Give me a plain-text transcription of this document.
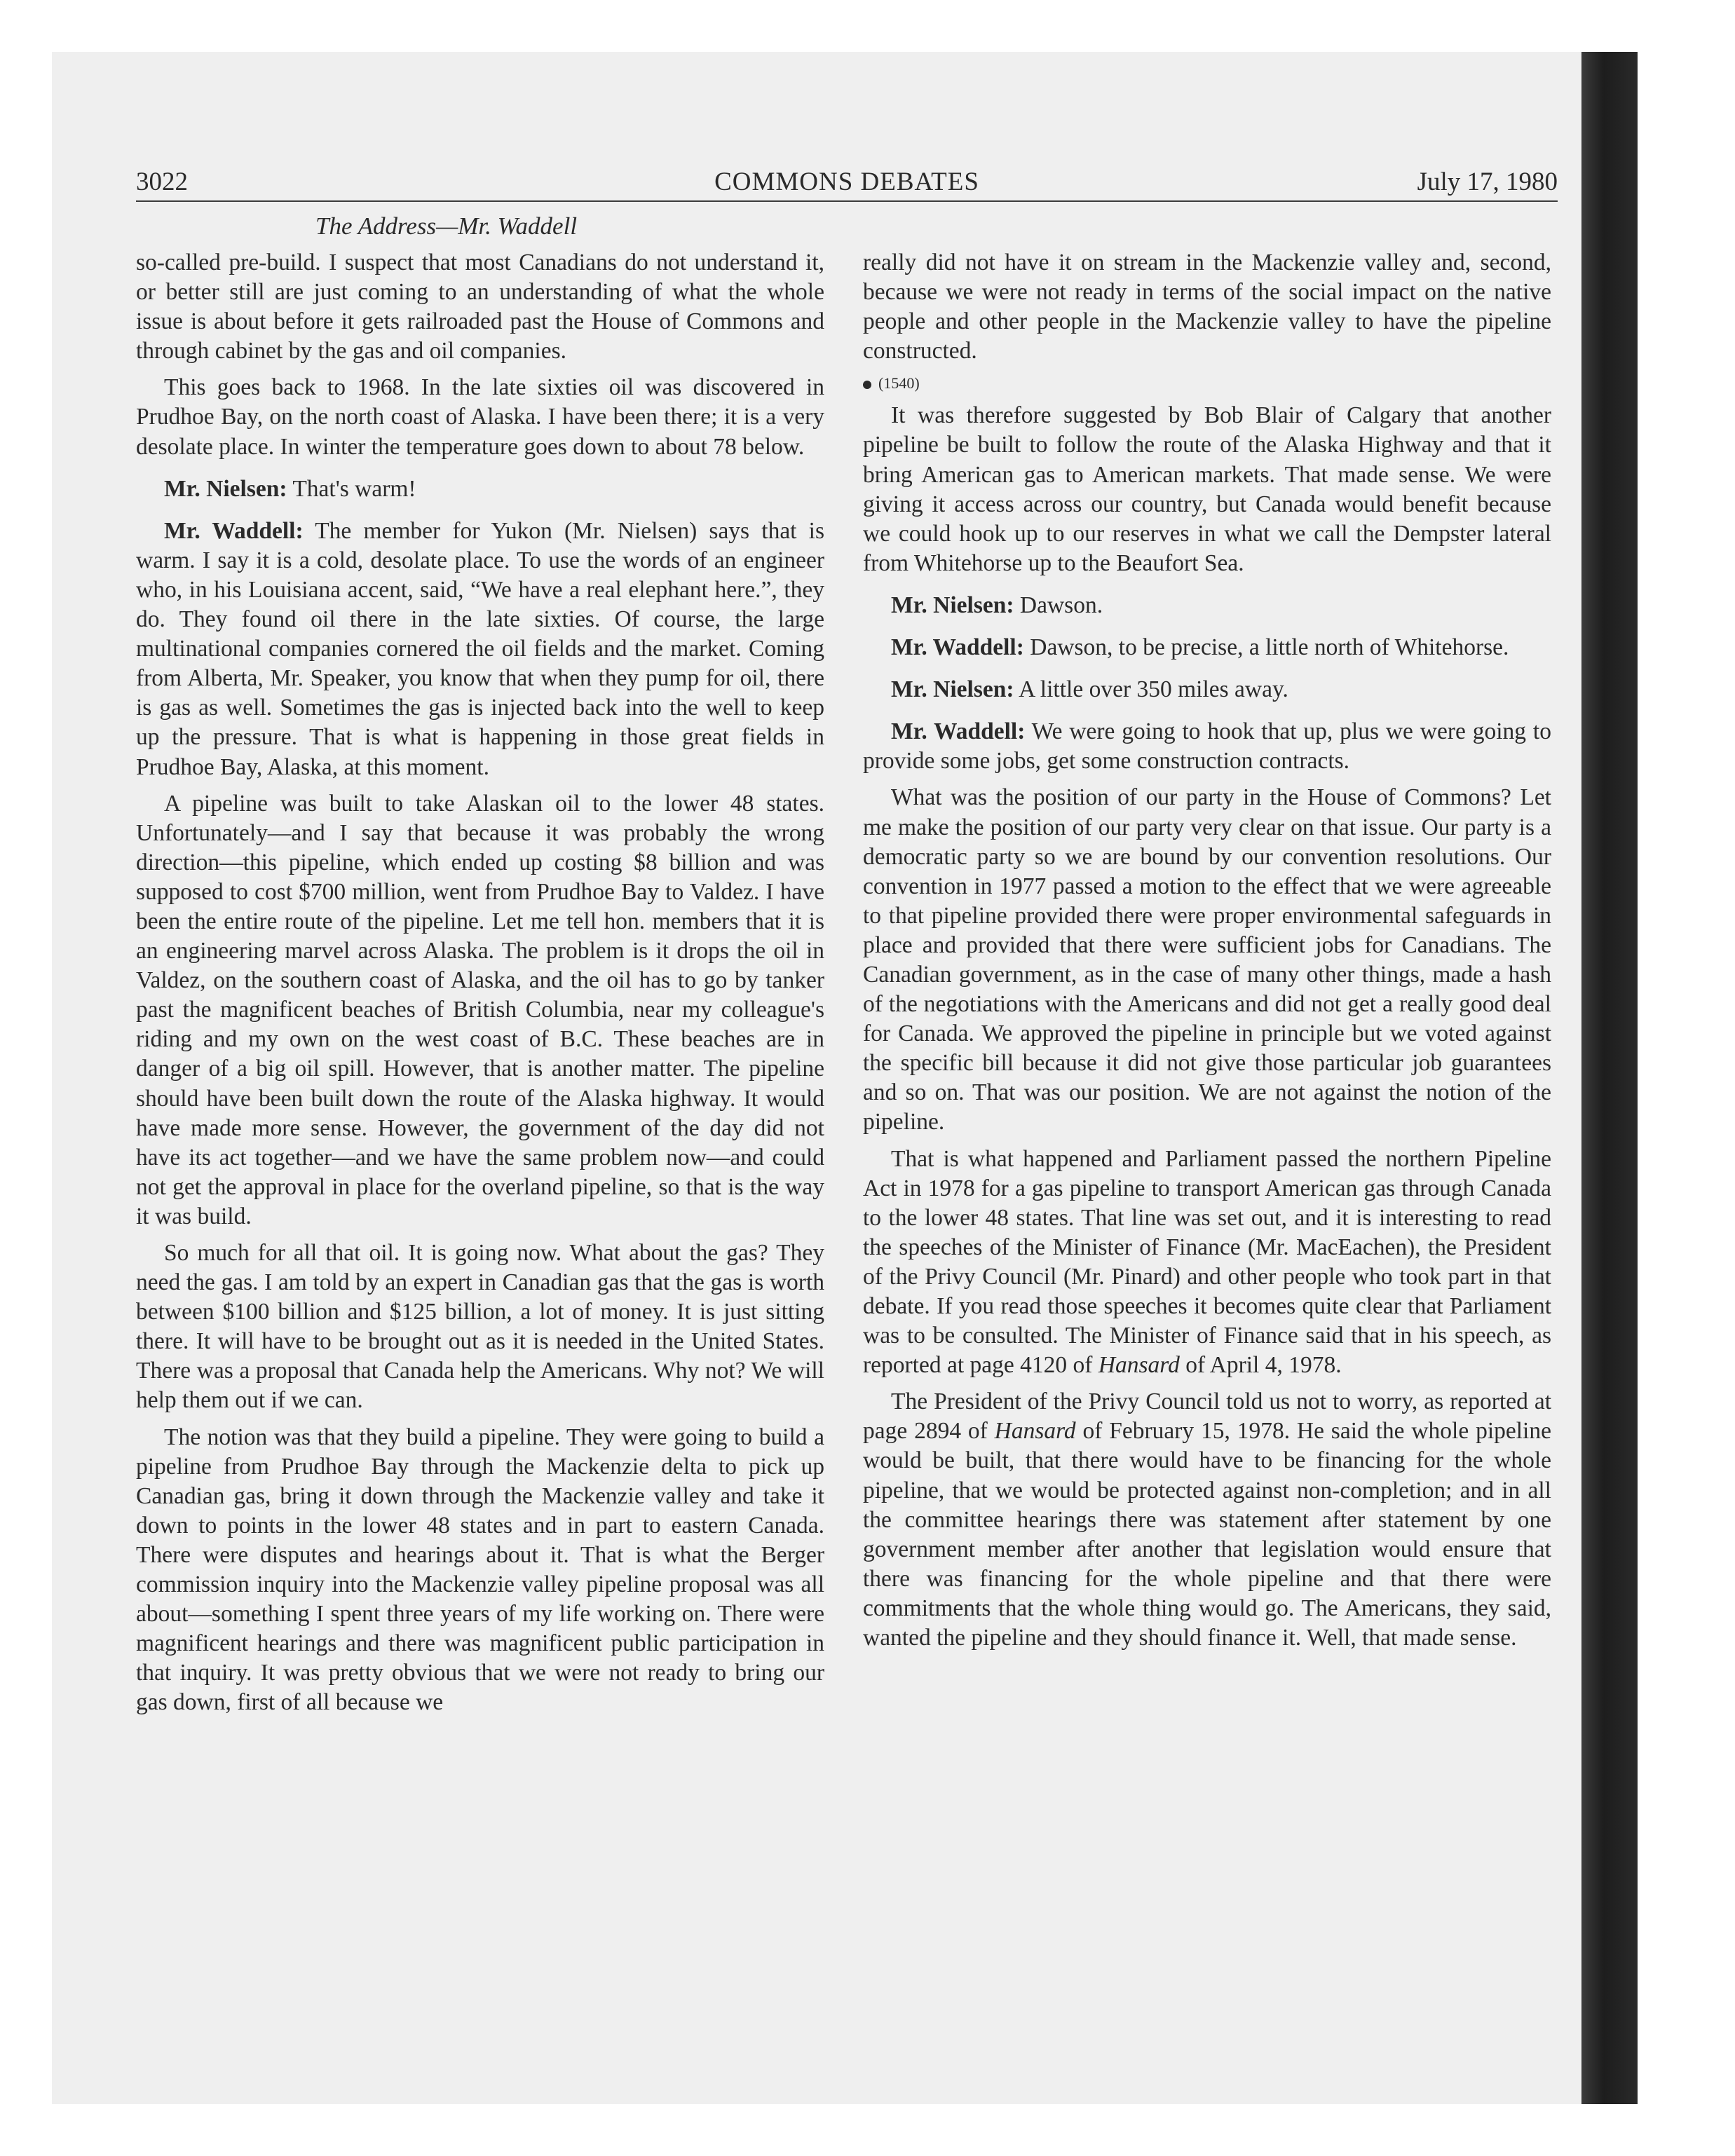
3022	COMMONS DEBATES	July 17, 1980
The Address—Mr. Waddell

so-called pre-build. I suspect that most Canadians do not understand it, or better still are just coming to an understanding of what the whole issue is about before it gets railroaded past the House of Commons and through cabinet by the gas and oil companies.

This goes back to 1968. In the late sixties oil was discovered in Prudhoe Bay, on the north coast of Alaska. I have been there; it is a very desolate place. In winter the temperature goes down to about 78 below.

Mr. Nielsen: That's warm!

Mr. Waddell: The member for Yukon (Mr. Nielsen) says that is warm. I say it is a cold, desolate place. To use the words of an engineer who, in his Louisiana accent, said, “We have a real elephant here.”, they do. They found oil there in the late sixties. Of course, the large multinational companies cornered the oil fields and the market. Coming from Alberta, Mr. Speaker, you know that when they pump for oil, there is gas as well. Sometimes the gas is injected back into the well to keep up the pressure. That is what is happening in those great fields in Prudhoe Bay, Alaska, at this moment.

A pipeline was built to take Alaskan oil to the lower 48 states. Unfortunately—and I say that because it was probably the wrong direction—this pipeline, which ended up costing $8 billion and was supposed to cost $700 million, went from Prudhoe Bay to Valdez. I have been the entire route of the pipeline. Let me tell hon. members that it is an engineering marvel across Alaska. The problem is it drops the oil in Valdez, on the southern coast of Alaska, and the oil has to go by tanker past the magnificent beaches of British Columbia, near my colleague's riding and my own on the west coast of B.C. These beaches are in danger of a big oil spill. However, that is another matter. The pipeline should have been built down the route of the Alaska highway. It would have made more sense. However, the government of the day did not have its act together—and we have the same problem now—and could not get the approval in place for the overland pipeline, so that is the way it was build.

So much for all that oil. It is going now. What about the gas? They need the gas. I am told by an expert in Canadian gas that the gas is worth between $100 billion and $125 billion, a lot of money. It is just sitting there. It will have to be brought out as it is needed in the United States. There was a proposal that Canada help the Americans. Why not? We will help them out if we can.

The notion was that they build a pipeline. They were going to build a pipeline from Prudhoe Bay through the Mackenzie delta to pick up Canadian gas, bring it down through the Mackenzie valley and take it down to points in the lower 48 states and in part to eastern Canada. There were disputes and hearings about it. That is what the Berger commission inquiry into the Mackenzie valley pipeline proposal was all about—something I spent three years of my life working on. There were magnificent hearings and there was magnificent public participation in that inquiry. It was pretty obvious that we were not ready to bring our gas down, first of all because we

really did not have it on stream in the Mackenzie valley and, second, because we were not ready in terms of the social impact on the native people and other people in the Mackenzie valley to have the pipeline constructed.

(1540)

It was therefore suggested by Bob Blair of Calgary that another pipeline be built to follow the route of the Alaska Highway and that it bring American gas to American markets. That made sense. We were giving it access across our country, but Canada would benefit because we could hook up to our reserves in what we call the Dempster lateral from Whitehorse up to the Beaufort Sea.

Mr. Nielsen: Dawson.

Mr. Waddell: Dawson, to be precise, a little north of Whitehorse.

Mr. Nielsen: A little over 350 miles away.

Mr. Waddell: We were going to hook that up, plus we were going to provide some jobs, get some construction contracts.

What was the position of our party in the House of Commons? Let me make the position of our party very clear on that issue. Our party is a democratic party so we are bound by our convention resolutions. Our convention in 1977 passed a motion to the effect that we were agreeable to that pipeline provided there were proper environmental safeguards in place and provided that there were sufficient jobs for Canadians. The Canadian government, as in the case of many other things, made a hash of the negotiations with the Americans and did not get a really good deal for Canada. We approved the pipeline in principle but we voted against the specific bill because it did not give those particular job guarantees and so on. That was our position. We are not against the notion of the pipeline.

That is what happened and Parliament passed the northern Pipeline Act in 1978 for a gas pipeline to transport American gas through Canada to the lower 48 states. That line was set out, and it is interesting to read the speeches of the Minister of Finance (Mr. MacEachen), the President of the Privy Council (Mr. Pinard) and other people who took part in that debate. If you read those speeches it becomes quite clear that Parliament was to be consulted. The Minister of Finance said that in his speech, as reported at page 4120 of Hansard of April 4, 1978.

The President of the Privy Council told us not to worry, as reported at page 2894 of Hansard of February 15, 1978. He said the whole pipeline would be built, that there would have to be financing for the whole pipeline, that we would be protected against non-completion; and in all the committee hearings there was statement after statement by one government member after another that legislation would ensure that there was financing for the whole pipeline and that there were commitments that the whole thing would go. The Americans, they said, wanted the pipeline and they should finance it. Well, that made sense.
